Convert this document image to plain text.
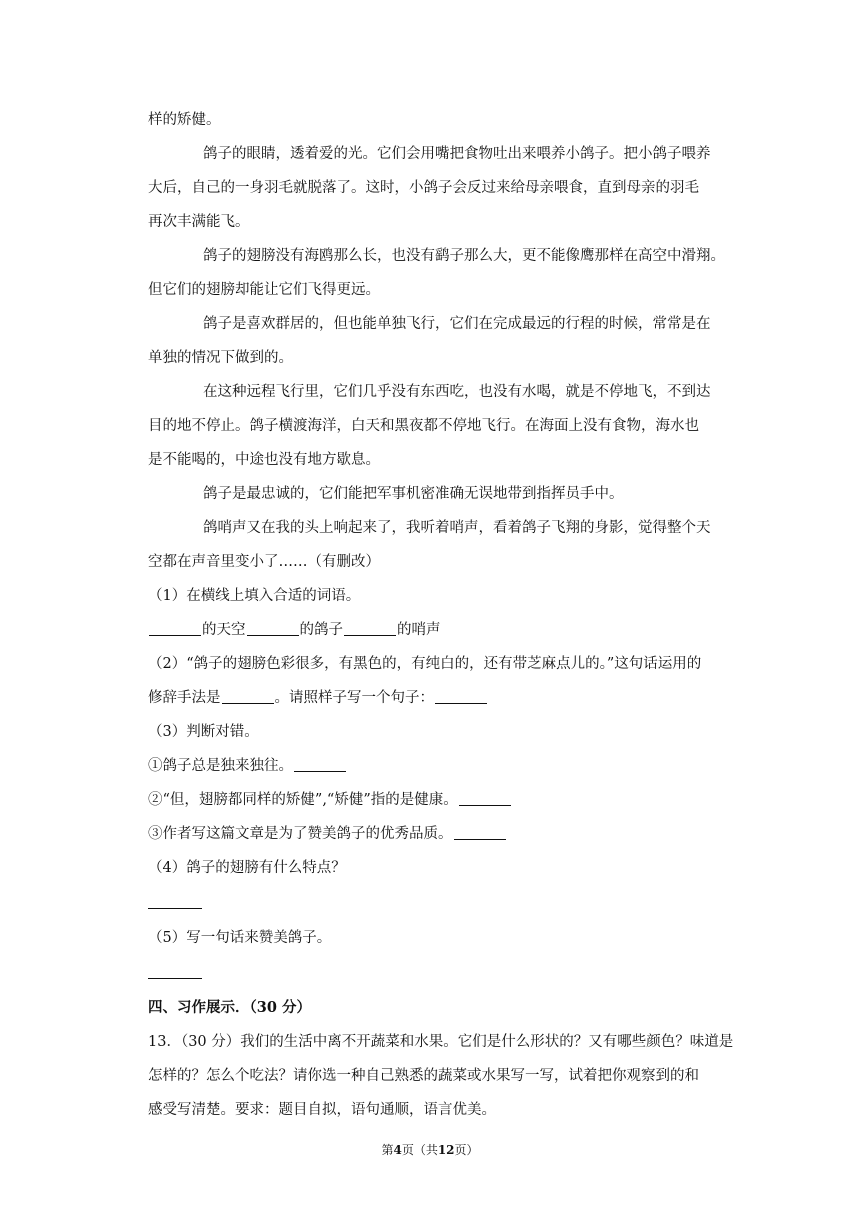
样的矫健。
鸽子的眼睛，透着爱的光。它们会用嘴把食物吐出来喂养小鸽子。把小鸽子喂养
大后，自己的一身羽毛就脱落了。这时，小鸽子会反过来给母亲喂食，直到母亲的羽毛
再次丰满能飞。
鸽子的翅膀没有海鸥那么长，也没有鹞子那么大，更不能像鹰那样在高空中滑翔。
但它们的翅膀却能让它们飞得更远。
鸽子是喜欢群居的，但也能单独飞行，它们在完成最远的行程的时候，常常是在
单独的情况下做到的。
在这种远程飞行里，它们几乎没有东西吃，也没有水喝，就是不停地飞，不到达
目的地不停止。鸽子横渡海洋，白天和黑夜都不停地飞行。在海面上没有食物，海水也
是不能喝的，中途也没有地方歇息。
鸽子是最忠诚的，它们能把军事机密准确无误地带到指挥员手中。
鸽哨声又在我的头上响起来了，我听着哨声，看着鸽子飞翔的身影，觉得整个天
空都在声音里变小了……（有删改）
（1）在横线上填入合适的词语。
的天空	的鸽子	的哨声
（2）“鸽子的翅膀色彩很多，有黑色的，有纯白的，还有带芝麻点儿的。”这句话运用的
修辞手法是	。请照样子写一个句子：
（3）判断对错。
①鸽子总是独来独往。
②“但，翅膀都同样的矫健”,“矫健”指的是健康。
③作者写这篇文章是为了赞美鸽子的优秀品质。
（4）鸽子的翅膀有什么特点？
（5）写一句话来赞美鸽子。
四、习作展示．（30 分）
13．（30 分）我们的生活中离不开蔬菜和水果。它们是什么形状的？又有哪些颜色？味道是
怎样的？怎么个吃法？请你选一种自己熟悉的蔬菜或水果写一写，试着把你观察到的和
感受写清楚。要求：题目自拟，语句通顺，语言优美。
第4页（共12页）
